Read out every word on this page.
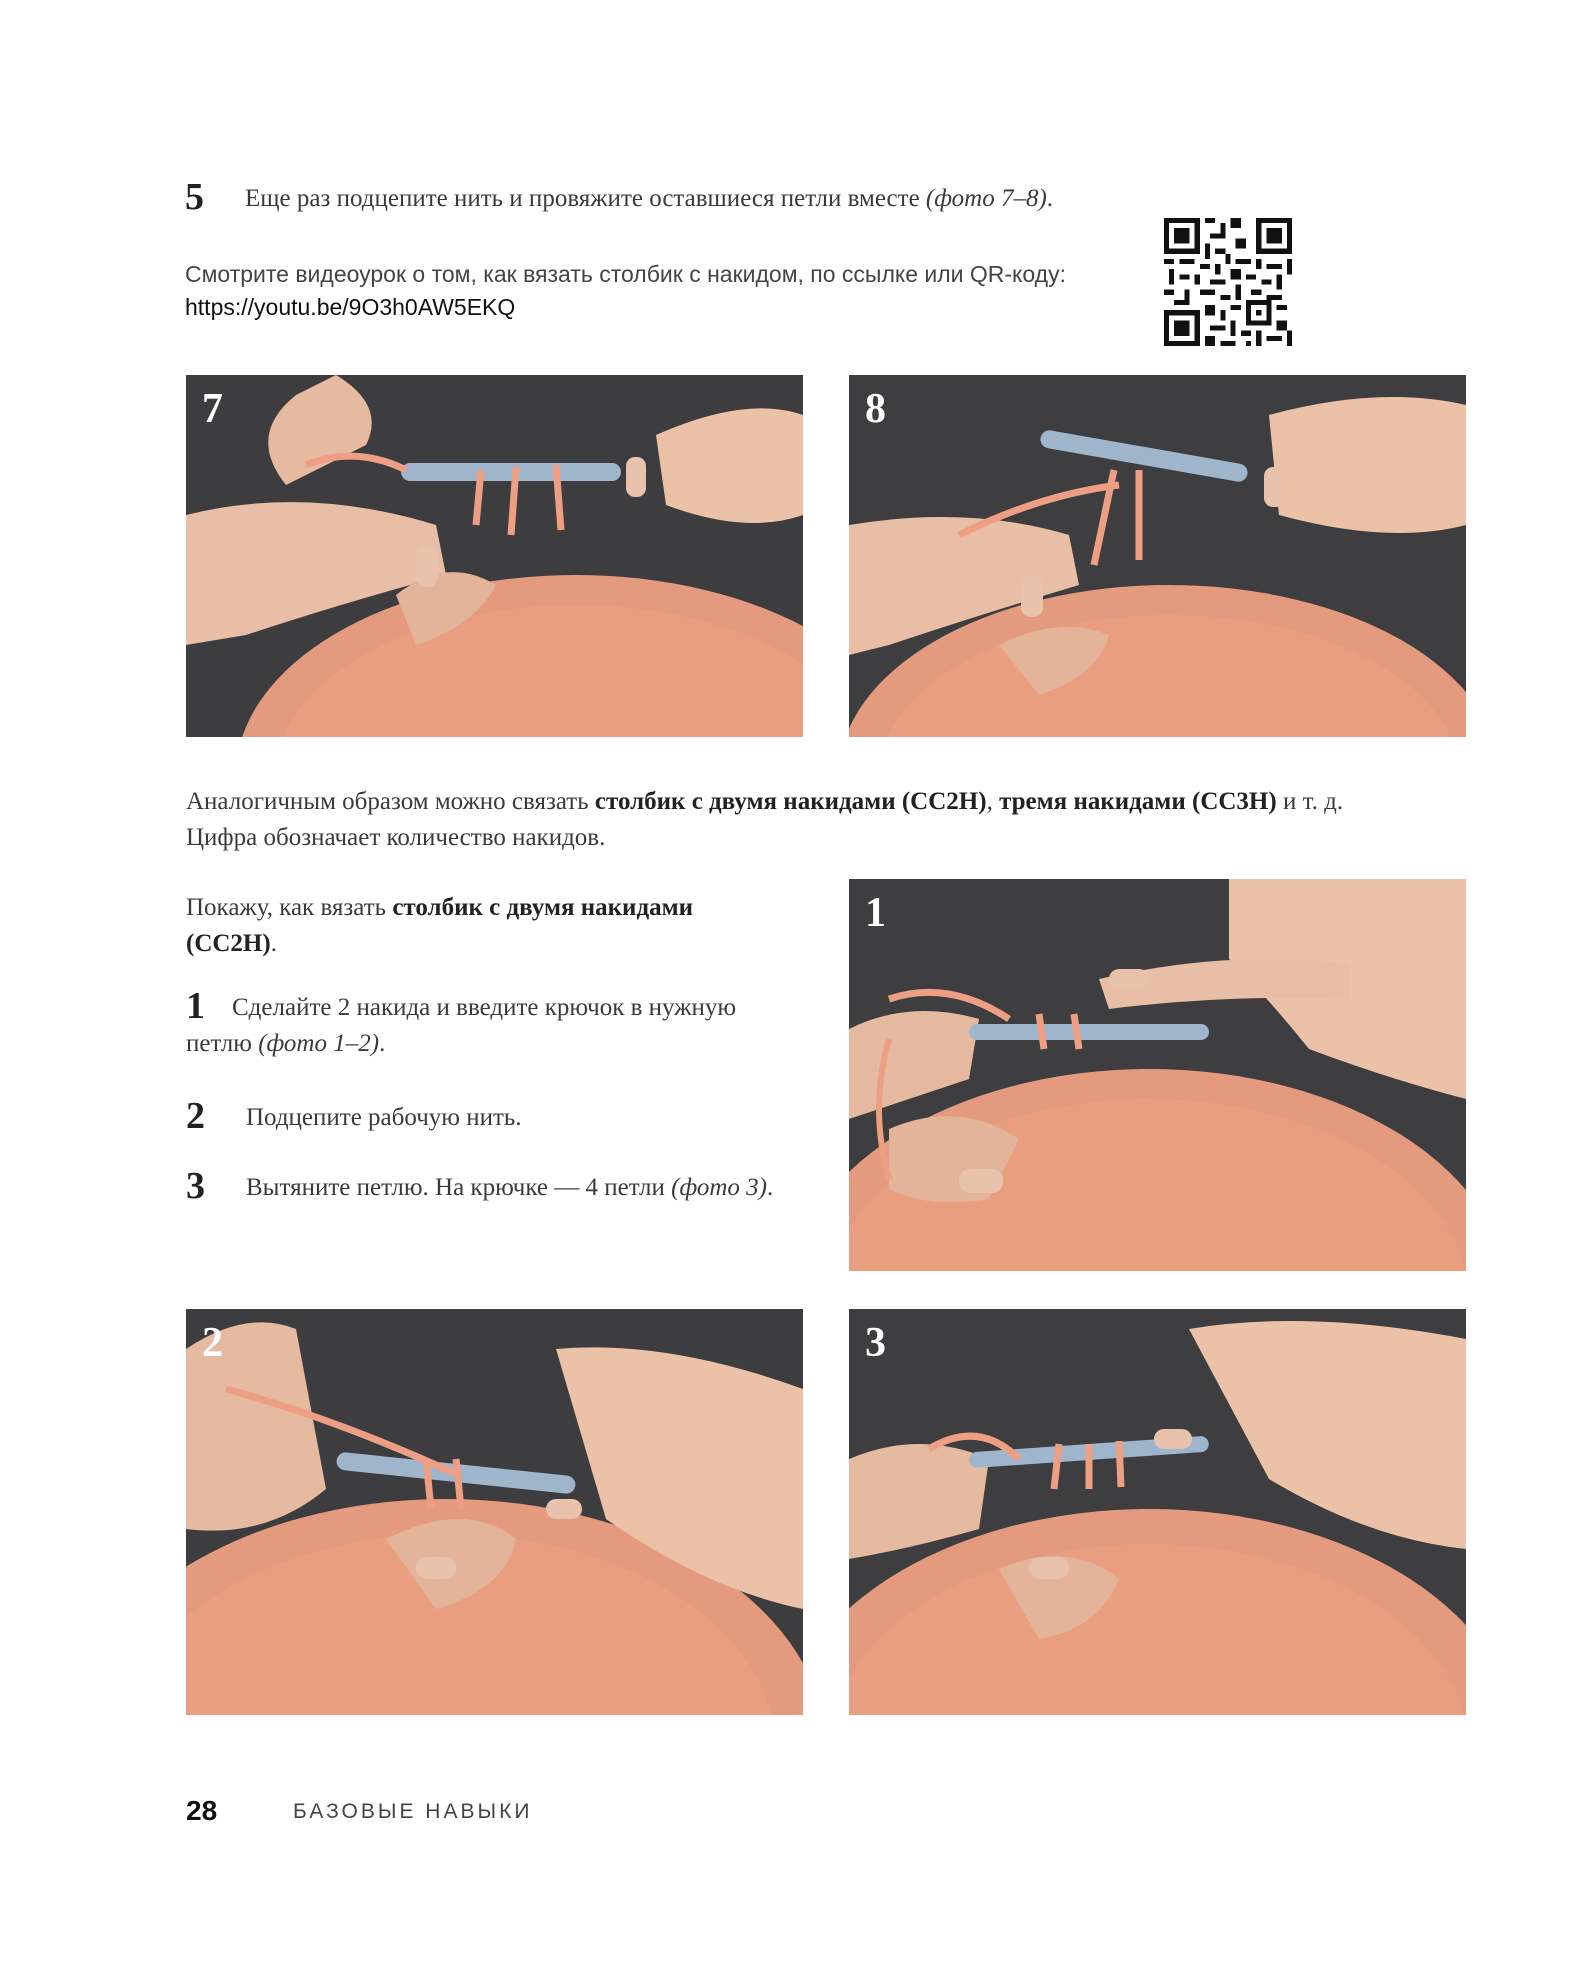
5 Еще раз подцепите нить и провяжите оставшиеся петли вместе (фото 7–8).
Смотрите видеоурок о том, как вязать столбик с накидом, по ссылке или QR-коду:
https://youtu.be/9O3h0AW5EKQ
7	8
Аналогичным образом можно связать столбик с двумя накидами (СС2Н), тремя накидами (СС3Н) и т. д.
Цифра обозначает количество накидов.
Покажу, как вязать столбик с двумя накидами
(СС2Н).
1 Сделайте 2 накида и введите крючок в нужную
петлю (фото 1–2).
2 Подцепите рабочую нить.
3 Вытяните петлю. На крючке — 4 петли (фото 3).
1
2	3
28	БАЗОВЫЕ НАВЫКИ
